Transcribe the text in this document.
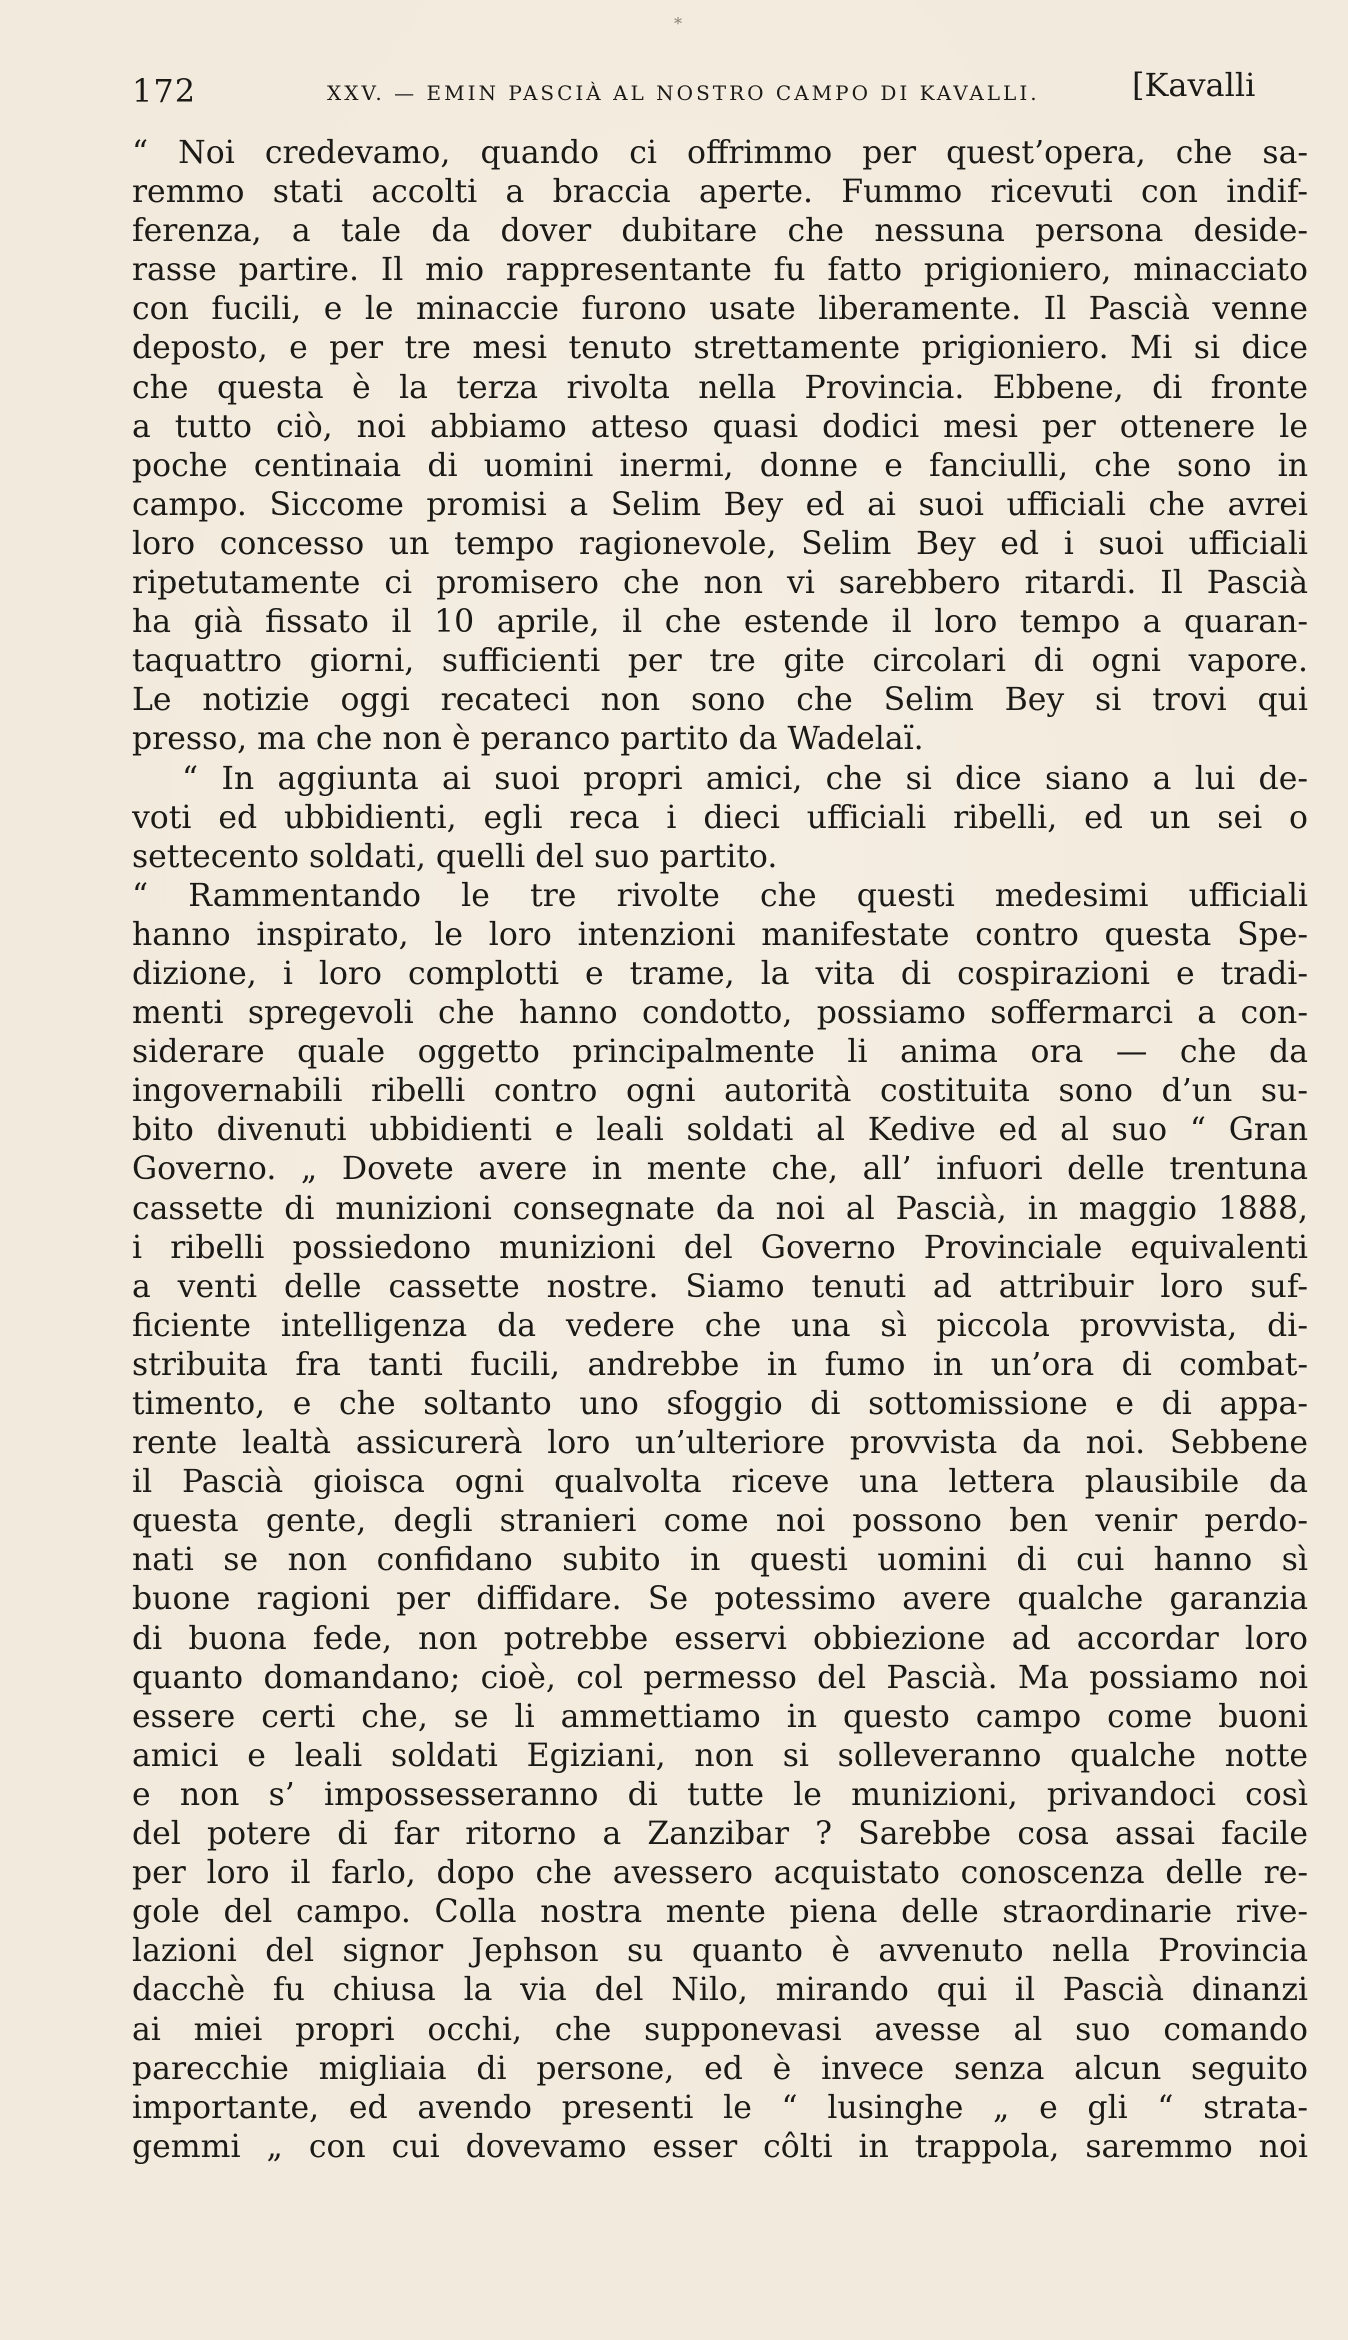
*
172	XXV. — EMIN PASCIÀ AL NOSTRO CAMPO DI KAVALLI.	[Kavalli
“ Noi credevamo, quando ci offrimmo per quest’opera, che sa-
remmo stati accolti a braccia aperte. Fummo ricevuti con indif-
ferenza, a tale da dover dubitare che nessuna persona deside-
rasse partire. Il mio rappresentante fu fatto prigioniero, minacciato
con fucili, e le minaccie furono usate liberamente. Il Pascià venne
deposto, e per tre mesi tenuto strettamente prigioniero. Mi si dice
che questa è la terza rivolta nella Provincia. Ebbene, di fronte
a tutto ciò, noi abbiamo atteso quasi dodici mesi per ottenere le
poche centinaia di uomini inermi, donne e fanciulli, che sono in
campo. Siccome promisi a Selim Bey ed ai suoi ufficiali che avrei
loro concesso un tempo ragionevole, Selim Bey ed i suoi ufficiali
ripetutamente ci promisero che non vi sarebbero ritardi. Il Pascià
ha già fissato il 10 aprile, il che estende il loro tempo a quaran-
taquattro giorni, sufficienti per tre gite circolari di ogni vapore.
Le notizie oggi recateci non sono che Selim Bey si trovi qui
presso, ma che non è peranco partito da Wadelaï.
“ In aggiunta ai suoi propri amici, che si dice siano a lui de-
voti ed ubbidienti, egli reca i dieci ufficiali ribelli, ed un sei o
settecento soldati, quelli del suo partito.
“ Rammentando le tre rivolte che questi medesimi ufficiali
hanno inspirato, le loro intenzioni manifestate contro questa Spe-
dizione, i loro complotti e trame, la vita di cospirazioni e tradi-
menti spregevoli che hanno condotto, possiamo soffermarci a con-
siderare quale oggetto principalmente li anima ora — che da
ingovernabili ribelli contro ogni autorità costituita sono d’un su-
bito divenuti ubbidienti e leali soldati al Kedive ed al suo “ Gran
Governo. „ Dovete avere in mente che, all’ infuori delle trentuna
cassette di munizioni consegnate da noi al Pascià, in maggio 1888,
i ribelli possiedono munizioni del Governo Provinciale equivalenti
a venti delle cassette nostre. Siamo tenuti ad attribuir loro suf-
ficiente intelligenza da vedere che una sì piccola provvista, di-
stribuita fra tanti fucili, andrebbe in fumo in un’ora di combat-
timento, e che soltanto uno sfoggio di sottomissione e di appa-
rente lealtà assicurerà loro un’ulteriore provvista da noi. Sebbene
il Pascià gioisca ogni qualvolta riceve una lettera plausibile da
questa gente, degli stranieri come noi possono ben venir perdo-
nati se non confidano subito in questi uomini di cui hanno sì
buone ragioni per diffidare. Se potessimo avere qualche garanzia
di buona fede, non potrebbe esservi obbiezione ad accordar loro
quanto domandano; cioè, col permesso del Pascià. Ma possiamo noi
essere certi che, se li ammettiamo in questo campo come buoni
amici e leali soldati Egiziani, non si solleveranno qualche notte
e non s’ impossesseranno di tutte le munizioni, privandoci così
del potere di far ritorno a Zanzibar ? Sarebbe cosa assai facile
per loro il farlo, dopo che avessero acquistato conoscenza delle re-
gole del campo. Colla nostra mente piena delle straordinarie rive-
lazioni del signor Jephson su quanto è avvenuto nella Provincia
dacchè fu chiusa la via del Nilo, mirando qui il Pascià dinanzi
ai miei propri occhi, che supponevasi avesse al suo comando
parecchie migliaia di persone, ed è invece senza alcun seguito
importante, ed avendo presenti le “ lusinghe „ e gli “ strata-
gemmi „ con cui dovevamo esser côlti in trappola, saremmo noi
